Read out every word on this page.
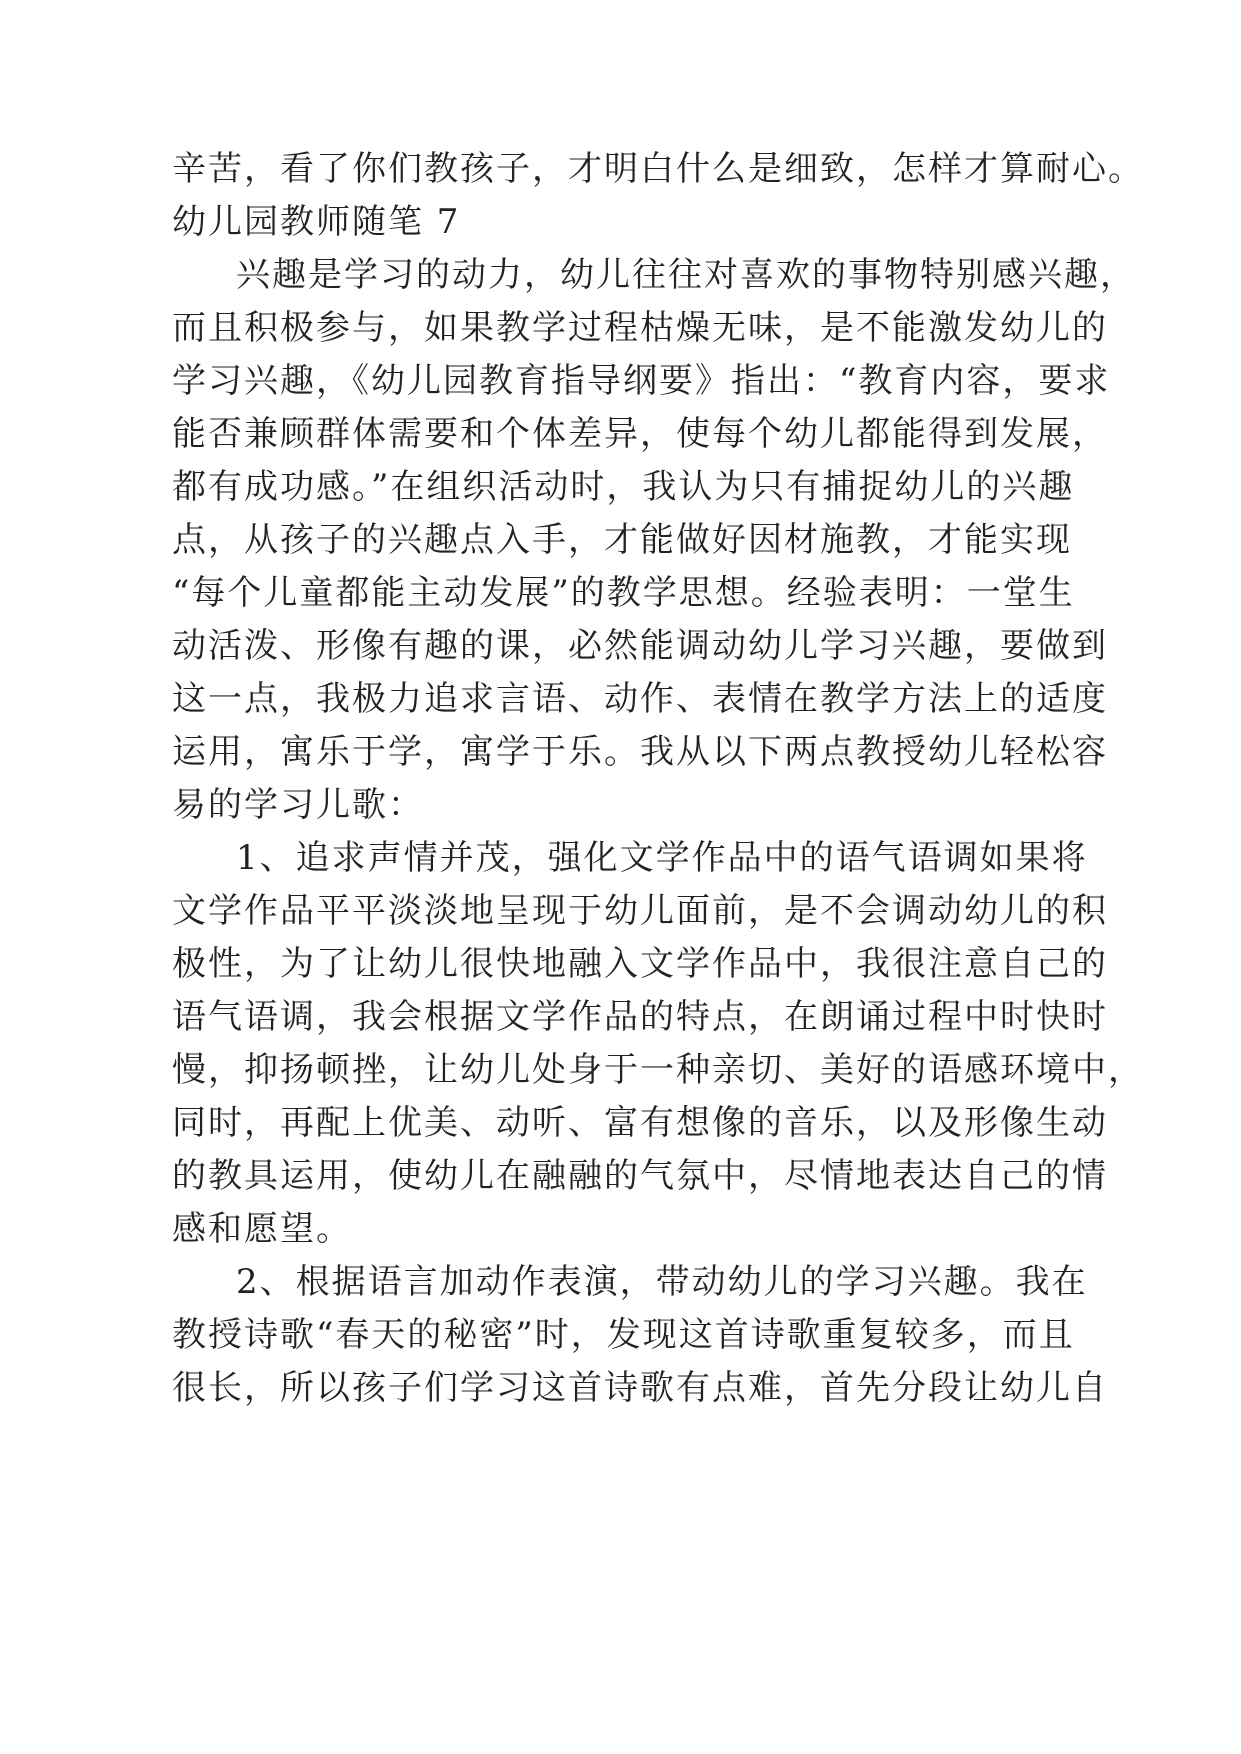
辛苦，看了你们教孩子，才明白什么是细致，怎样才算耐心。
幼儿园教师随笔 7
兴趣是学习的动力，幼儿往往对喜欢的事物特别感兴趣，
而且积极参与，如果教学过程枯燥无味，是不能激发幼儿的
学习兴趣，《幼儿园教育指导纲要》指出：“教育内容，要求
能否兼顾群体需要和个体差异，使每个幼儿都能得到发展，
都有成功感。”在组织活动时，我认为只有捕捉幼儿的兴趣
点，从孩子的兴趣点入手，才能做好因材施教，才能实现
“每个儿童都能主动发展”的教学思想。经验表明：一堂生
动活泼、形像有趣的课，必然能调动幼儿学习兴趣，要做到
这一点，我极力追求言语、动作、表情在教学方法上的适度
运用，寓乐于学，寓学于乐。我从以下两点教授幼儿轻松容
易的学习儿歌：
1、追求声情并茂，强化文学作品中的语气语调如果将
文学作品平平淡淡地呈现于幼儿面前，是不会调动幼儿的积
极性，为了让幼儿很快地融入文学作品中，我很注意自己的
语气语调，我会根据文学作品的特点，在朗诵过程中时快时
慢，抑扬顿挫，让幼儿处身于一种亲切、美好的语感环境中，
同时，再配上优美、动听、富有想像的音乐，以及形像生动
的教具运用，使幼儿在融融的气氛中，尽情地表达自己的情
感和愿望。
2、根据语言加动作表演，带动幼儿的学习兴趣。我在
教授诗歌“春天的秘密”时，发现这首诗歌重复较多，而且
很长，所以孩子们学习这首诗歌有点难，首先分段让幼儿自
